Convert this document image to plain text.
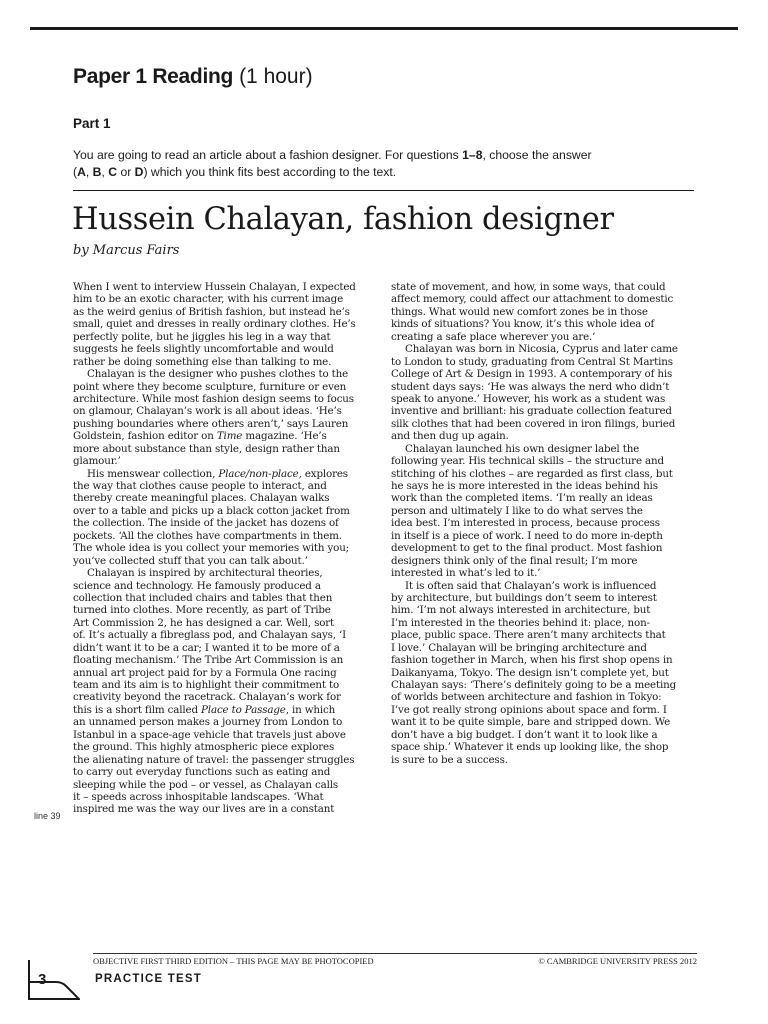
Paper 1 Reading (1 hour)
Part 1
You are going to read an article about a fashion designer. For questions 1–8, choose the answer
(A, B, C or D) which you think fits best according to the text.
Hussein Chalayan, fashion designer
by Marcus Fairs
When I went to interview Hussein Chalayan, I expected
him to be an exotic character, with his current image
as the weird genius of British fashion, but instead he’s
small, quiet and dresses in really ordinary clothes. He’s
perfectly polite, but he jiggles his leg in a way that
suggests he feels slightly uncomfortable and would
rather be doing something else than talking to me.
Chalayan is the designer who pushes clothes to the
point where they become sculpture, furniture or even
architecture. While most fashion design seems to focus
on glamour, Chalayan’s work is all about ideas. ‘He’s
pushing boundaries where others aren’t,’ says Lauren
Goldstein, fashion editor on Time magazine. ‘He’s
more about substance than style, design rather than
glamour.’
His menswear collection, Place/non-place, explores
the way that clothes cause people to interact, and
thereby create meaningful places. Chalayan walks
over to a table and picks up a black cotton jacket from
the collection. The inside of the jacket has dozens of
pockets. ‘All the clothes have compartments in them.
The whole idea is you collect your memories with you;
you’ve collected stuff that you can talk about.’
Chalayan is inspired by architectural theories,
science and technology. He famously produced a
collection that included chairs and tables that then
turned into clothes. More recently, as part of Tribe
Art Commission 2, he has designed a car. Well, sort
of. It’s actually a fibreglass pod, and Chalayan says, ‘I
didn’t want it to be a car; I wanted it to be more of a
floating mechanism.’ The Tribe Art Commission is an
annual art project paid for by a Formula One racing
team and its aim is to highlight their commitment to
creativity beyond the racetrack. Chalayan’s work for
this is a short film called Place to Passage, in which
an unnamed person makes a journey from London to
Istanbul in a space-age vehicle that travels just above
the ground. This highly atmospheric piece explores
the alienating nature of travel: the passenger struggles
to carry out everyday functions such as eating and
sleeping while the pod – or vessel, as Chalayan calls
it – speeds across inhospitable landscapes. ‘What
inspired me was the way our lives are in a constant
state of movement, and how, in some ways, that could
affect memory, could affect our attachment to domestic
things. What would new comfort zones be in those
kinds of situations? You know, it’s this whole idea of
creating a safe place wherever you are.’
Chalayan was born in Nicosia, Cyprus and later came
to London to study, graduating from Central St Martins
College of Art & Design in 1993. A contemporary of his
student days says: ‘He was always the nerd who didn’t
speak to anyone.’ However, his work as a student was
inventive and brilliant: his graduate collection featured
silk clothes that had been covered in iron filings, buried
and then dug up again.
Chalayan launched his own designer label the
following year. His technical skills – the structure and
stitching of his clothes – are regarded as first class, but
he says he is more interested in the ideas behind his
work than the completed items. ‘I’m really an ideas
person and ultimately I like to do what serves the
idea best. I’m interested in process, because process
in itself is a piece of work. I need to do more in-depth
development to get to the final product. Most fashion
designers think only of the final result; I’m more
interested in what’s led to it.’
It is often said that Chalayan’s work is influenced
by architecture, but buildings don’t seem to interest
him. ‘I’m not always interested in architecture, but
I’m interested in the theories behind it: place, non-
place, public space. There aren’t many architects that
I love.’ Chalayan will be bringing architecture and
fashion together in March, when his first shop opens in
Daikanyama, Tokyo. The design isn’t complete yet, but
Chalayan says: ‘There’s definitely going to be a meeting
of worlds between architecture and fashion in Tokyo:
I’ve got really strong opinions about space and form. I
want it to be quite simple, bare and stripped down. We
don’t have a big budget. I don’t want it to look like a
space ship.’ Whatever it ends up looking like, the shop
is sure to be a success.
line 39
OBJECTIVE FIRST THIRD EDITION – THIS PAGE MAY BE PHOTOCOPIED	© CAMBRIDGE UNIVERSITY PRESS 2012
3	PRACTICE TEST
